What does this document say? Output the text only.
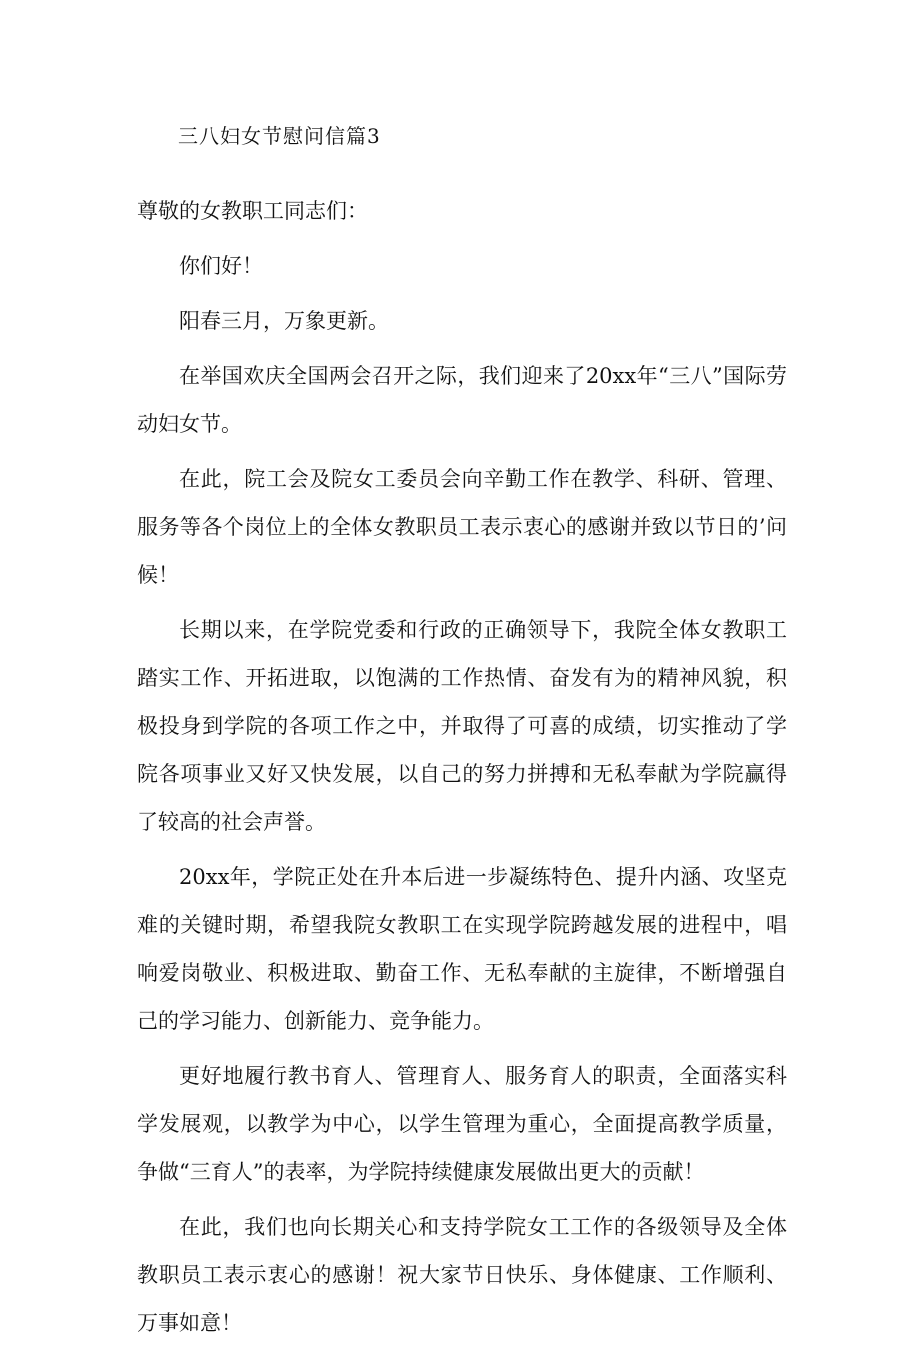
三八妇女节慰问信篇3

尊敬的女教职工同志们：

你们好！

阳春三月，万象更新。

在举国欢庆全国两会召开之际，我们迎来了20xx年“三八”国际劳动妇女节。

在此，院工会及院女工委员会向辛勤工作在教学、科研、管理、服务等各个岗位上的全体女教职员工表示衷心的感谢并致以节日的’问候！

长期以来，在学院党委和行政的正确领导下，我院全体女教职工踏实工作、开拓进取，以饱满的工作热情、奋发有为的精神风貌，积极投身到学院的各项工作之中，并取得了可喜的成绩，切实推动了学院各项事业又好又快发展，以自己的努力拼搏和无私奉献为学院赢得了较高的社会声誉。

20xx年，学院正处在升本后进一步凝练特色、提升内涵、攻坚克难的关键时期，希望我院女教职工在实现学院跨越发展的进程中，唱响爱岗敬业、积极进取、勤奋工作、无私奉献的主旋律，不断增强自己的学习能力、创新能力、竞争能力。

更好地履行教书育人、管理育人、服务育人的职责，全面落实科学发展观，以教学为中心，以学生管理为重心，全面提高教学质量，争做“三育人”的表率，为学院持续健康发展做出更大的贡献！

在此，我们也向长期关心和支持学院女工工作的各级领导及全体教职员工表示衷心的感谢！祝大家节日快乐、身体健康、工作顺利、万事如意！
